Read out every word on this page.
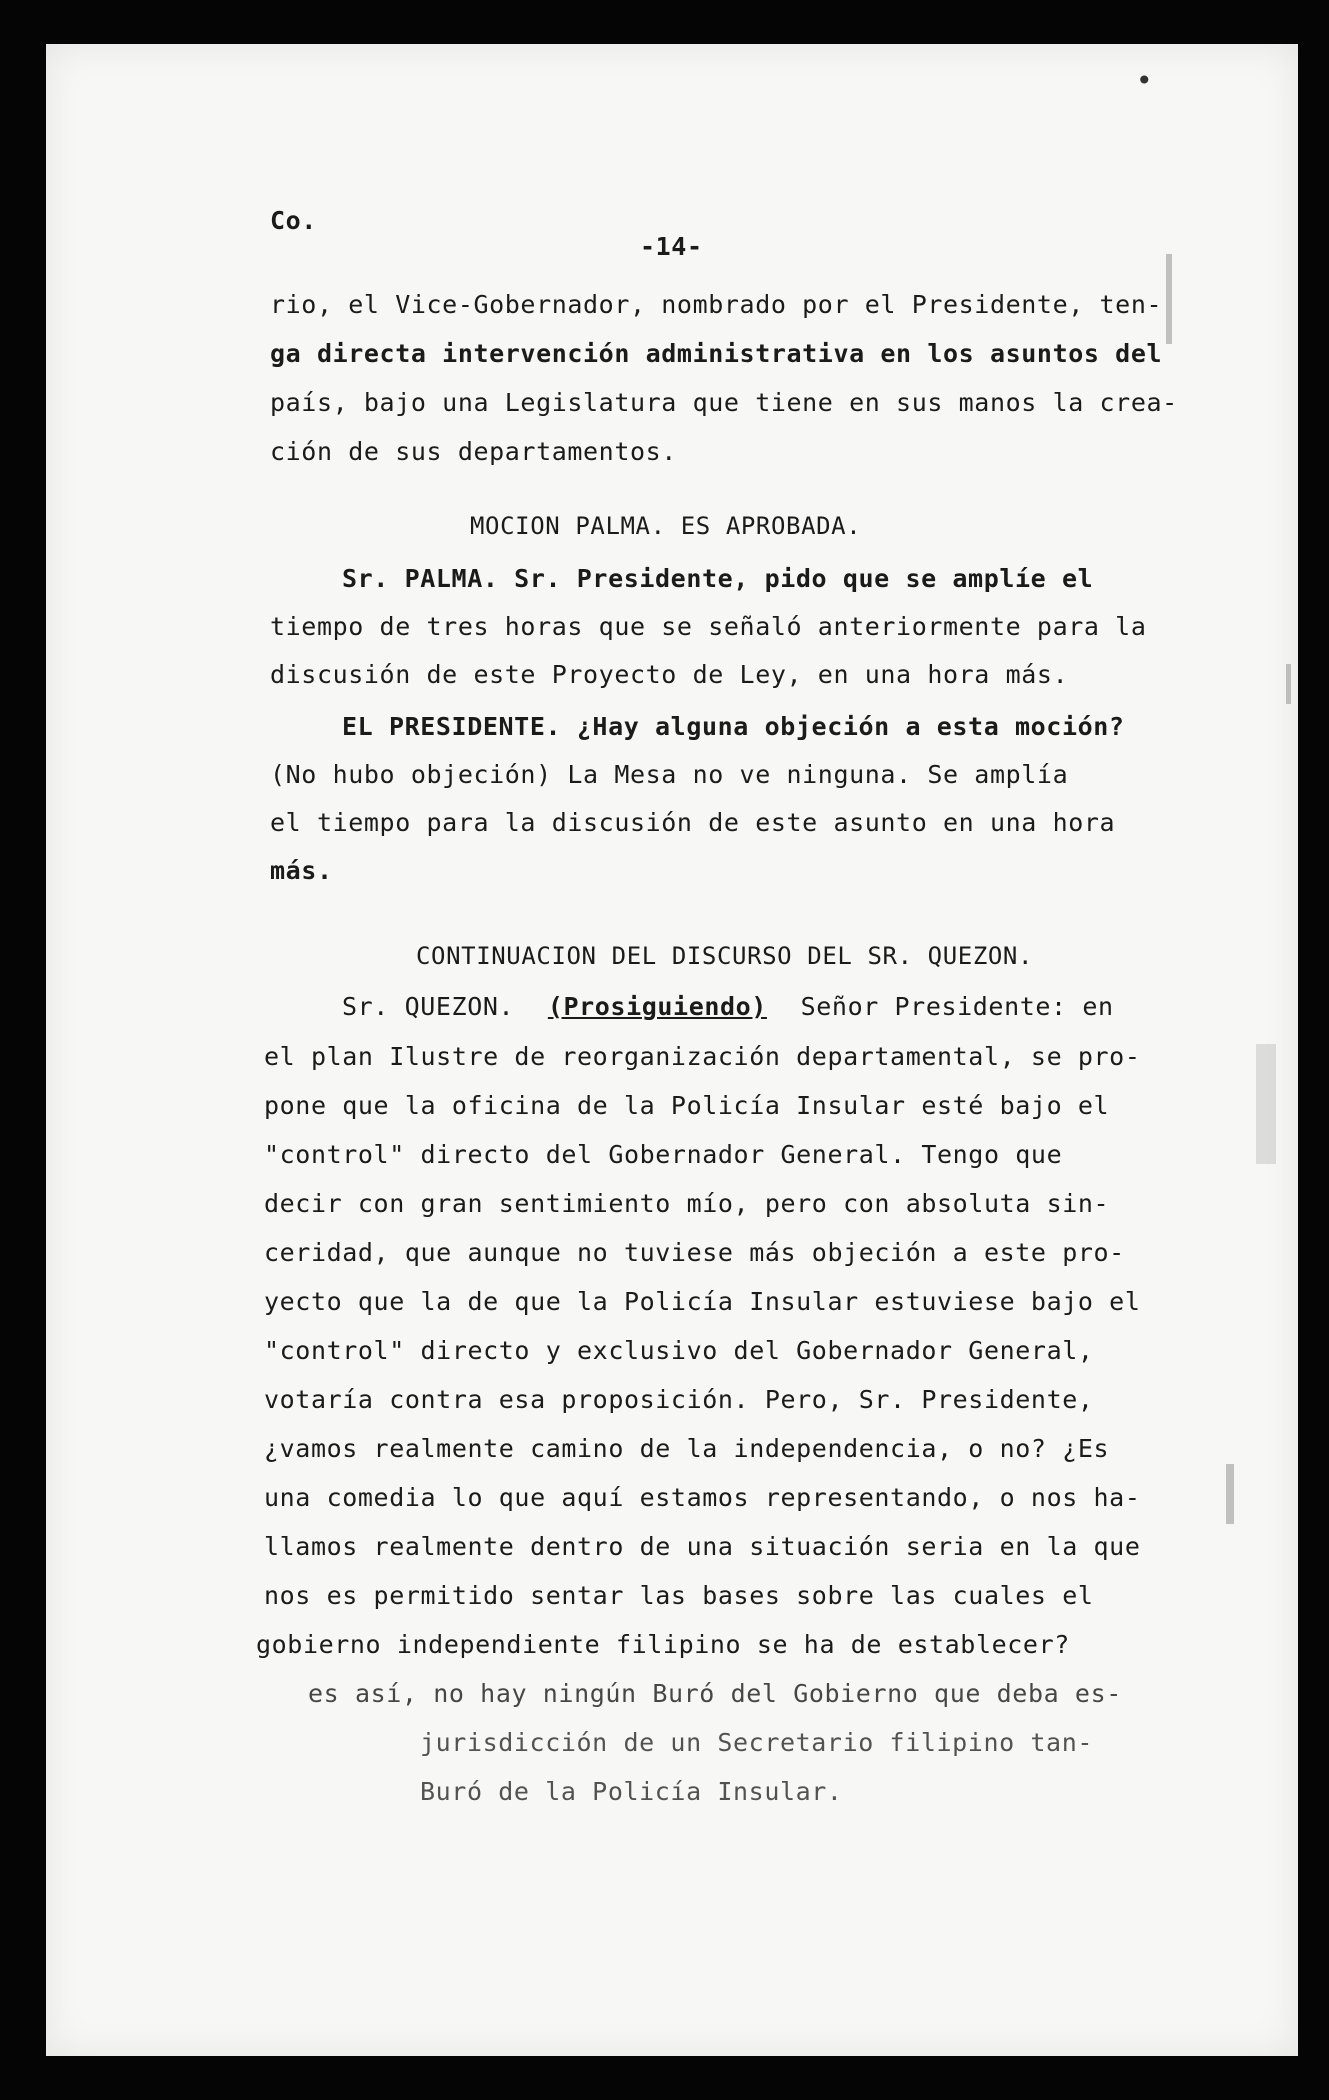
•

Co.

-14-

rio, el Vice-Gobernador, nombrado por el Presidente, ten-

ga directa intervención administrativa en los asuntos del

país, bajo una Legislatura que tiene en sus manos la crea-

ción de sus departamentos.

MOCION PALMA. ES APROBADA.

Sr. PALMA. Sr. Presidente, pido que se amplíe el

tiempo de tres horas que se señaló anteriormente para la

discusión de este Proyecto de Ley, en una hora más.

EL PRESIDENTE. ¿Hay alguna objeción a esta moción?

(No hubo objeción) La Mesa no ve ninguna. Se amplía

el tiempo para la discusión de este asunto en una hora

más.

CONTINUACION DEL DISCURSO DEL SR. QUEZON.

Sr. QUEZON. (Prosiguiendo) Señor Presidente: en

el plan Ilustre de reorganización departamental, se pro-

pone que la oficina de la Policía Insular esté bajo el

"control" directo del Gobernador General. Tengo que

decir con gran sentimiento mío, pero con absoluta sin-

ceridad, que aunque no tuviese más objeción a este pro-

yecto que la de que la Policía Insular estuviese bajo el

"control" directo y exclusivo del Gobernador General,

votaría contra esa proposición. Pero, Sr. Presidente,

¿vamos realmente camino de la independencia, o no? ¿Es

una comedia lo que aquí estamos representando, o nos ha-

llamos realmente dentro de una situación seria en la que

nos es permitido sentar las bases sobre las cuales el

gobierno independiente filipino se ha de establecer?

es así, no hay ningún Buró del Gobierno que deba es-

jurisdicción de un Secretario filipino tan-

Buró de la Policía Insular.
